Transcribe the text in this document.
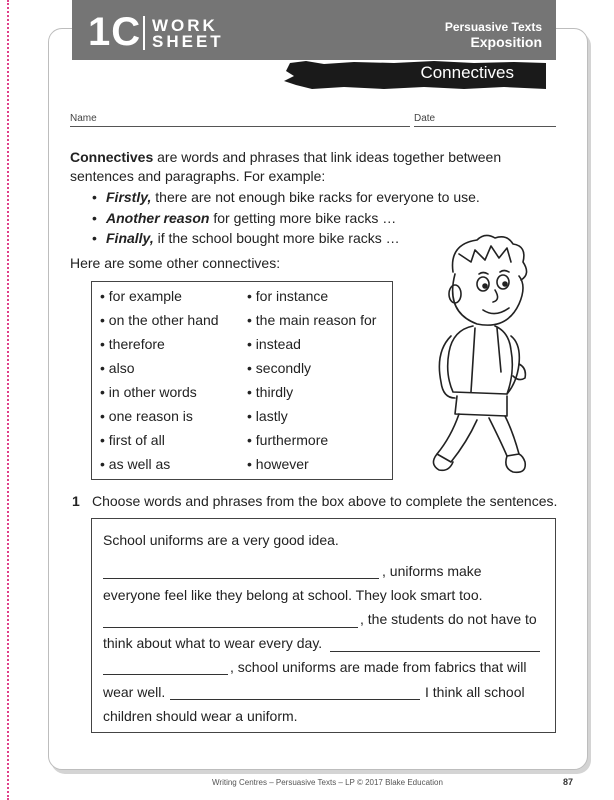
1C WORK
SHEET
Persuasive Texts
Exposition
Connectives
Name	Date
Connectives are words and phrases that link ideas together between sentences and paragraphs. For example:
• Firstly, there are not enough bike racks for everyone to use.
• Another reason for getting more bike racks …
• Finally, if the school bought more bike racks …
Here are some other connectives:
• for example
• on the other hand
• therefore
• also
• in other words
• one reason is
• first of all
• as well as
• for instance
• the main reason for
• instead
• secondly
• thirdly
• lastly
• furthermore
• however
1 Choose words and phrases from the box above to complete the sentences.
School uniforms are a very good idea.
, uniforms make
everyone feel like they belong at school. They look smart too.
, the students do not have to
think about what to wear every day.
, school uniforms are made from fabrics that will
wear well.	I think all school
children should wear a uniform.
Writing Centres – Persuasive Texts – LP © 2017 Blake Education	87
